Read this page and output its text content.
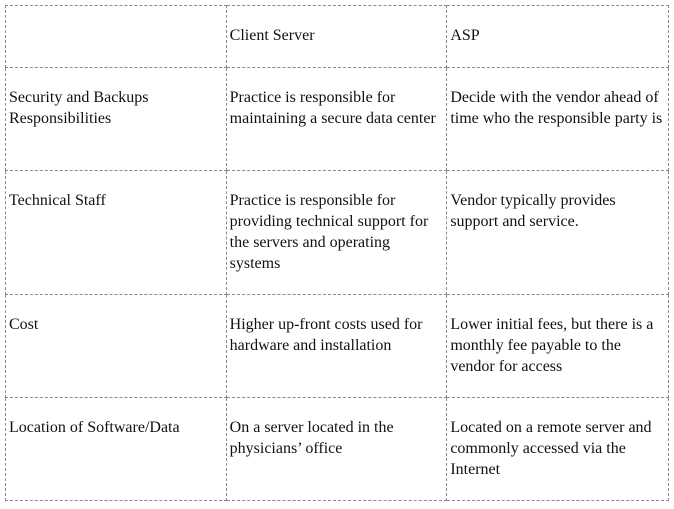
	Client Server	ASP
Security and Backups Responsibilities	Practice is responsible for maintaining a secure data center	Decide with the vendor ahead of time who the responsible party is
Technical Staff	Practice is responsible for providing technical support for the servers and operating systems	Vendor typically provides support and service.
Cost	Higher up-front costs used for hardware and installation	Lower initial fees, but there is a monthly fee payable to the vendor for access
Location of Software/Data	On a server located in the physicians’ office	Located on a remote server and commonly accessed via the Internet
